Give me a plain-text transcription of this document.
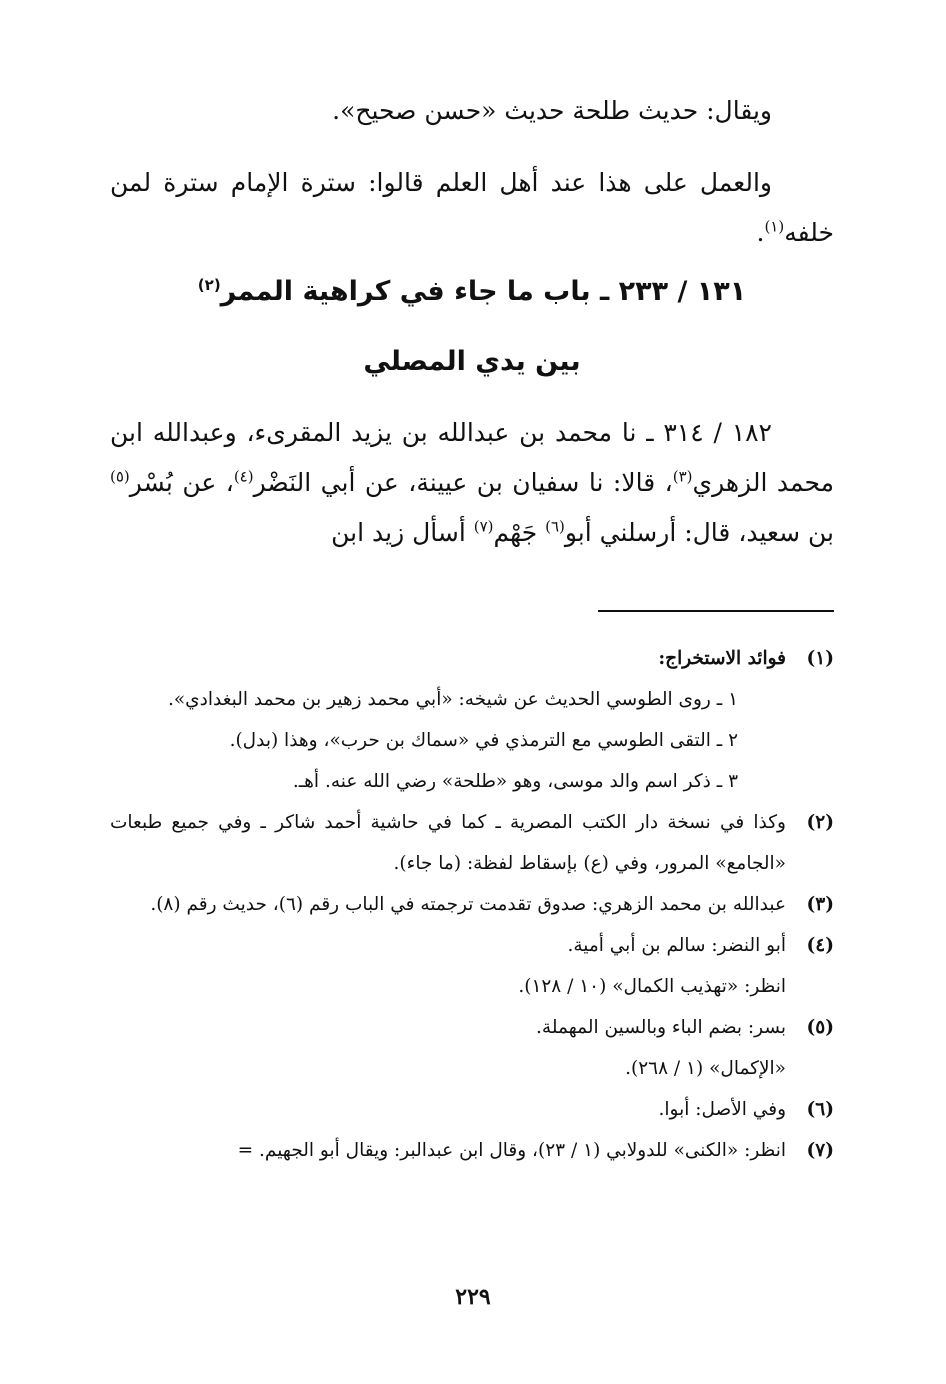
ويقال: حديث طلحة حديث «حسن صحيح».

والعمل على هذا عند أهل العلم قالوا: سترة الإمام سترة لمن خلفه$^{(١)}$.

١٣١ / ٢٣٣ ـ باب ما جاء في كراهية الممر$^{(٢)}$
بين يدي المصلي

١٨٢ / ٣١٤ ـ نا محمد بن عبدالله بن يزيد المقرىء، وعبدالله ابن محمد الزهري$^{(٣)}$، قالا: نا سفيان بن عيينة، عن أبي النَضْر$^{(٤)}$، عن بُسْر$^{(٥)}$ بن سعيد، قال: أرسلني أبو$^{(٦)}$ جَهْم$^{(٧)}$ أسأل زيد ابن

(١)
فوائد الاستخراج:
١ ـ روى الطوسي الحديث عن شيخه: «أبي محمد زهير بن محمد البغدادي».
٢ ـ التقى الطوسي مع الترمذي في «سماك بن حرب»، وهذا (بدل).
٣ ـ ذكر اسم والد موسى، وهو «طلحة» رضي الله عنه. أهـ.
(٢)
وكذا في نسخة دار الكتب المصرية ـ كما في حاشية أحمد شاكر ـ وفي جميع طبعات «الجامع» المرور، وفي (ع) بإسقاط لفظة: (ما جاء).
(٣)
عبدالله بن محمد الزهري: صدوق تقدمت ترجمته في الباب رقم (٦)، حديث رقم (٨).
(٤)
أبو النضر: سالم بن أبي أمية.
انظر: «تهذيب الكمال» (١٠ / ١٢٨).
(٥)
بسر: بضم الباء وبالسين المهملة.
«الإكمال» (١ / ٢٦٨).
(٦)
وفي الأصل: أبوا.
(٧)
انظر: «الكنى» للدولابي (١ / ٢٣)، وقال ابن عبدالبر: ويقال أبو الجهيم. =
٢٢٩
